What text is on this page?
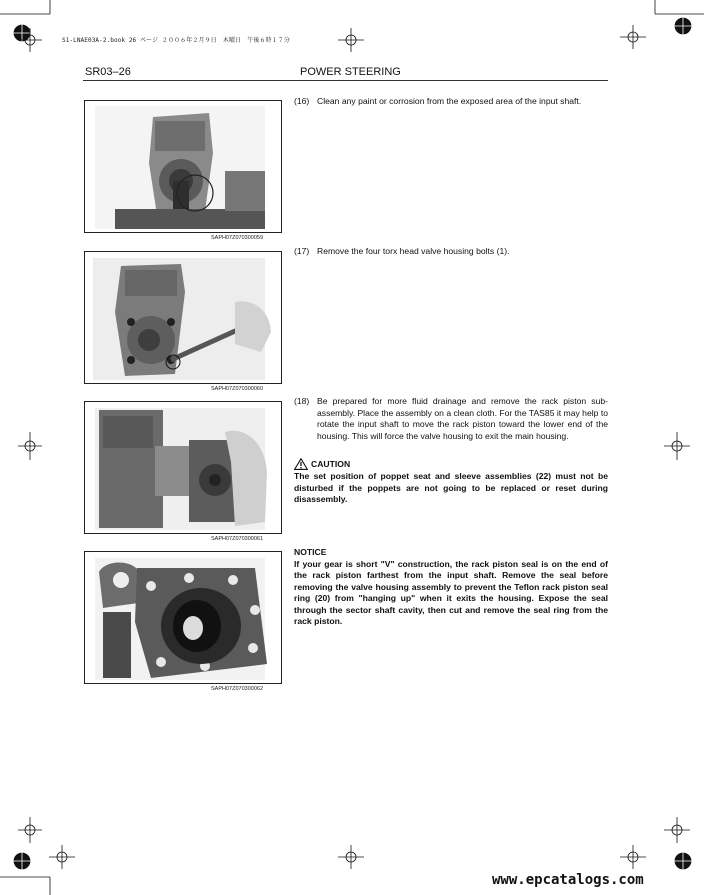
S1-LNAE03A-2.book 26 ページ ２００６年２月９日　木曜日　午後６時１７分
SR03–26	POWER STEERING
SAPH07Z070300059
SAPH07Z070300060
SAPH07Z070300061
SAPH07Z070300062
(16) Clean any paint or corrosion from the exposed area of the input shaft.
(17) Remove the four torx head valve housing bolts (1).
(18) Be prepared for more fluid drainage and remove the rack piston sub-assembly. Place the assembly on a clean cloth. For the TAS85 it may help to rotate the input shaft to move the rack piston toward the lower end of the housing. This will force the valve housing to exit the main housing.
CAUTION
The set position of poppet seat and sleeve assemblies (22) must not be disturbed if the poppets are not going to be replaced or reset during disassembly.
NOTICE
If your gear is short "V" construction, the rack piston seal is on the end of the rack piston farthest from the input shaft. Remove the seal before removing the valve housing assembly to prevent the Teflon rack piston seal ring (20) from "hanging up" when it exits the housing. Expose the seal through the sector shaft cavity, then cut and remove the seal ring from the rack piston.
www.epcatalogs.com
